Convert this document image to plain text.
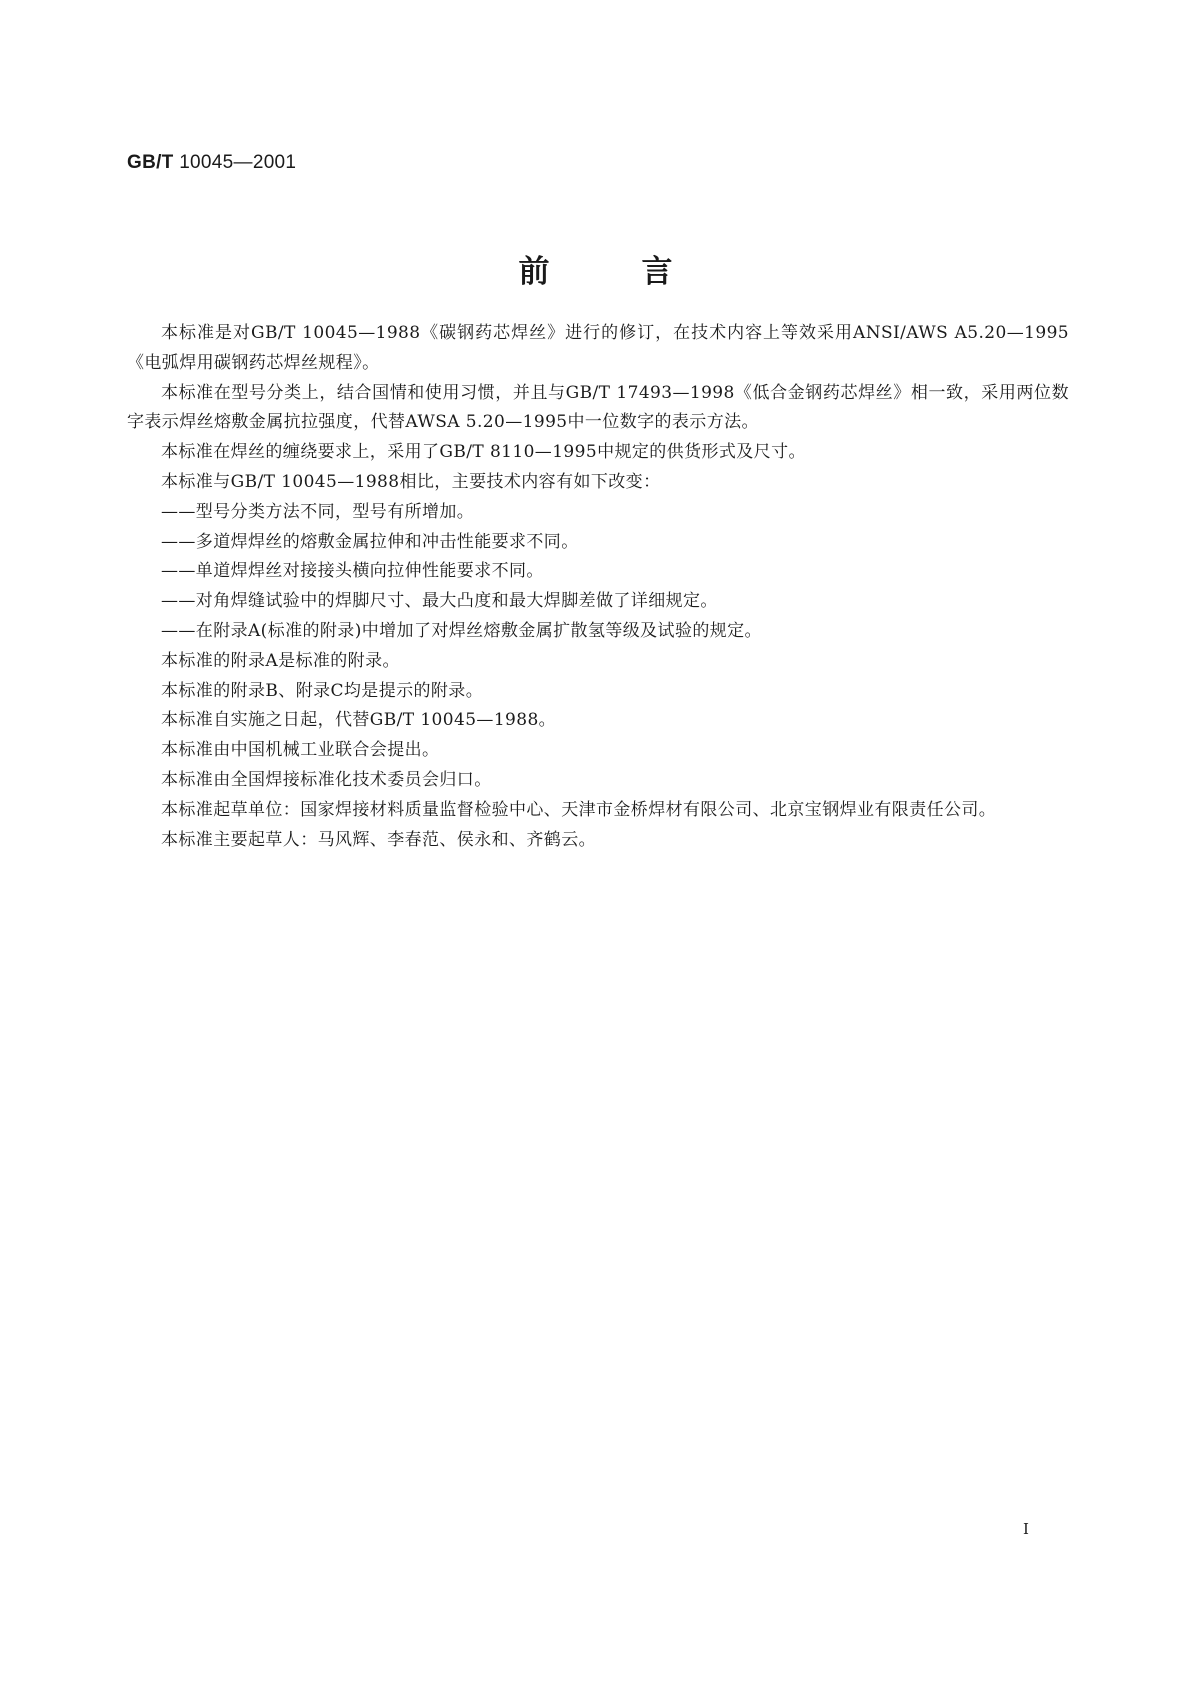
GB/T 10045—2001
前言

本标准是对GB/T 10045—1988《碳钢药芯焊丝》进行的修订，在技术内容上等效采用ANSI/AWS A5.20—1995《电弧焊用碳钢药芯焊丝规程》。

本标准在型号分类上，结合国情和使用习惯，并且与GB/T 17493—1998《低合金钢药芯焊丝》相一致，采用两位数字表示焊丝熔敷金属抗拉强度，代替AWSA 5.20—1995中一位数字的表示方法。

本标准在焊丝的缠绕要求上，采用了GB/T 8110—1995中规定的供货形式及尺寸。

本标准与GB/T 10045—1988相比，主要技术内容有如下改变：

——型号分类方法不同，型号有所增加。

——多道焊焊丝的熔敷金属拉伸和冲击性能要求不同。

——单道焊焊丝对接接头横向拉伸性能要求不同。

——对角焊缝试验中的焊脚尺寸、最大凸度和最大焊脚差做了详细规定。

——在附录A(标准的附录)中增加了对焊丝熔敷金属扩散氢等级及试验的规定。

本标准的附录A是标准的附录。

本标准的附录B、附录C均是提示的附录。

本标准自实施之日起，代替GB/T 10045—1988。

本标准由中国机械工业联合会提出。

本标准由全国焊接标准化技术委员会归口。

本标准起草单位：国家焊接材料质量监督检验中心、天津市金桥焊材有限公司、北京宝钢焊业有限责任公司。

本标准主要起草人：马风辉、李春范、侯永和、齐鹤云。

I
